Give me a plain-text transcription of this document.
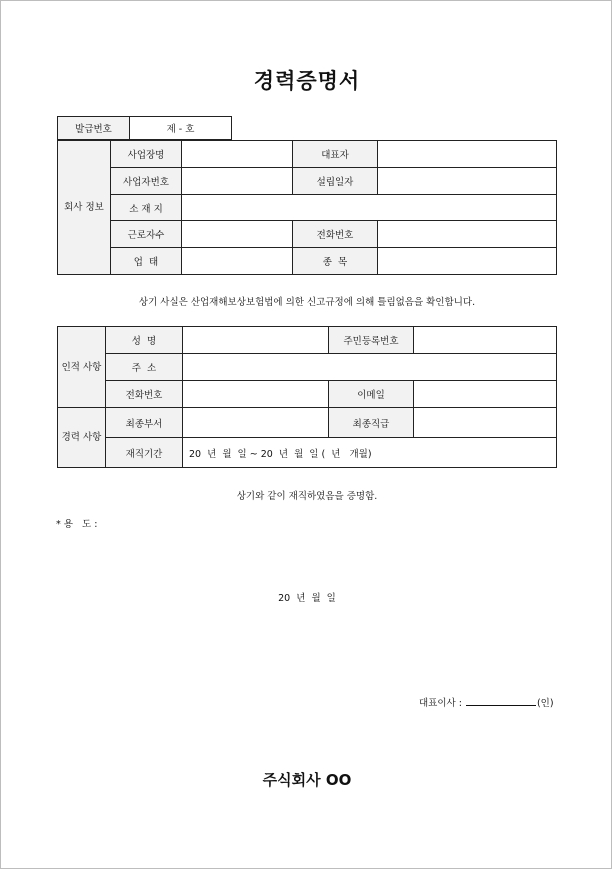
경력증명서
발급번호	제 - 호
회사 정보	사업장명		대표자	
	사업자번호		설립일자	
	소 재 지			
	근로자수		전화번호	
	업  태		종  목	
상기 사실은 산업재해보상보험법에 의한 신고규정에 의해 틀림없음을 확인합니다.
인적 사항	성  명		주민등록번호	
	주  소			
	전화번호		이메일	
경력 사항	최종부서		최종직급	
	재직기간	20  년  월  일 ~ 20  년  월  일 (  년   개월)		
상기와 같이 재직하였음을 증명함.
* 용   도 :
20  년  월  일
대표이사 :	(인)
주식회사 OO
